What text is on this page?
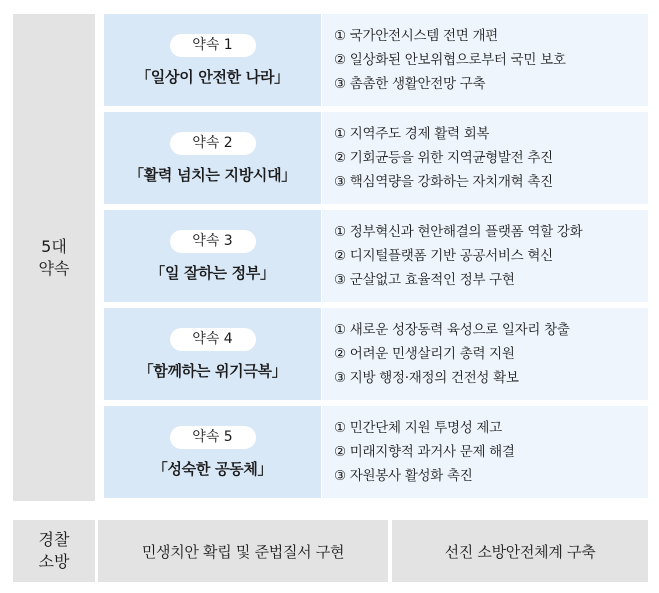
5대
약속
약속 1
「일상이 안전한 나라」
① 국가안전시스템 전면 개편
② 일상화된 안보위협으로부터 국민 보호
③ 촘촘한 생활안전망 구축
약속 2
「활력 넘치는 지방시대」
① 지역주도 경제 활력 회복
② 기회균등을 위한 지역균형발전 추진
③ 핵심역량을 강화하는 자치개혁 촉진
약속 3
「일 잘하는 정부」
① 정부혁신과 현안해결의 플랫폼 역할 강화
② 디지털플랫폼 기반 공공서비스 혁신
③ 군살없고 효율적인 정부 구현
약속 4
「함께하는 위기극복」
① 새로운 성장동력 육성으로 일자리 창출
② 어려운 민생살리기 총력 지원
③ 지방 행정·재정의 건전성 확보
약속 5
「성숙한 공동체」
① 민간단체 지원 투명성 제고
② 미래지향적 과거사 문제 해결
③ 자원봉사 활성화 촉진
경찰
소방
민생치안 확립 및 준법질서 구현	선진 소방안전체계 구축
